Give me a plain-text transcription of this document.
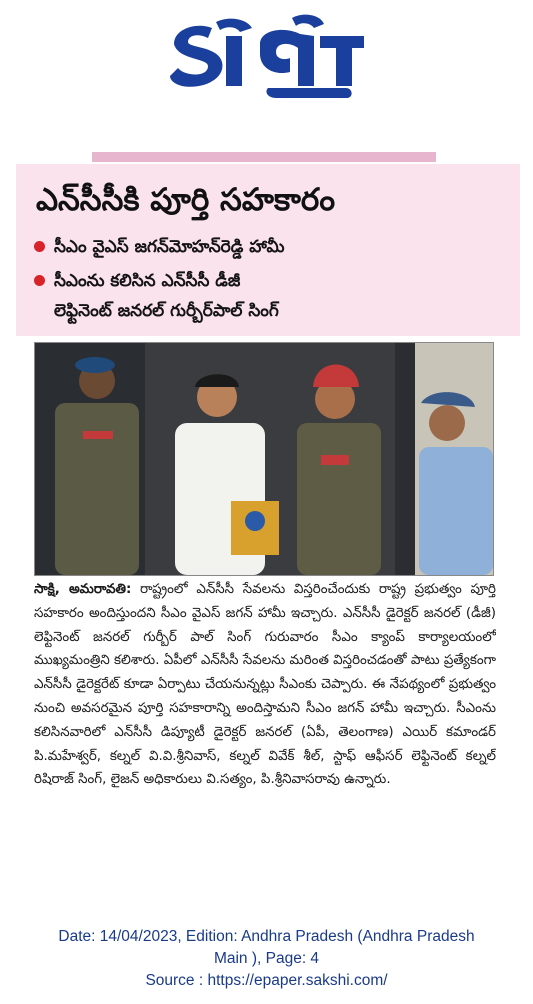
ఎన్‌సీసీకి పూర్తి సహకారం
సీఎం వైఎస్ జగన్‌మోహన్‌రెడ్డి హామీ
సీఎంను కలిసిన ఎన్‌సీసీ డీజీ
లెఫ్టినెంట్ జనరల్ గుర్బీర్‌పాల్ సింగ్
సాక్షి, అమరావతి: రాష్ట్రంలో ఎన్‌సీసీ సేవలను విస్తరించేందుకు రాష్ట్ర ప్రభుత్వం పూర్తి సహకారం అందిస్తుందని సీఎం వైఎస్ జగన్ హామీ ఇచ్చారు. ఎన్‌సీసీ డైరెక్టర్ జనరల్ (డీజీ) లెఫ్టినెంట్ జనరల్ గుర్బీర్ పాల్ సింగ్ గురువారం సీఎం క్యాంప్ కార్యాలయంలో ముఖ్యమంత్రిని కలిశారు. ఏపీలో ఎన్‌సీసీ సేవలను మరింత విస్తరించడంతో పాటు ప్రత్యేకంగా ఎన్‌సీసీ డైరెక్టరేట్ కూడా ఏర్పాటు చేయనున్నట్లు సీఎంకు చెప్పారు. ఈ నేపథ్యంలో ప్రభుత్వం నుంచి అవసరమైన పూర్తి సహకారాన్ని అందిస్తామని సీఎం జగన్ హామీ ఇచ్చారు. సీఎంను కలిసినవారిలో ఎన్‌సీసీ డిప్యూటీ డైరెక్టర్ జనరల్ (ఏపీ, తెలంగాణ) ఎయిర్ కమాండర్ పి.మహేశ్వర్, కల్నల్ వి.వి.శ్రీనివాస్, కల్నల్ వివేక్ శీల్, స్టాఫ్ ఆఫీసర్ లెఫ్టినెంట్ కల్నల్ రిషిరాజ్ సింగ్, లైజన్ అధికారులు వి.సత్యం, పి.శ్రీనివాసరావు ఉన్నారు.
Date: 14/04/2023, Edition: Andhra Pradesh (Andhra Pradesh
Main ), Page: 4
Source : https://epaper.sakshi.com/
